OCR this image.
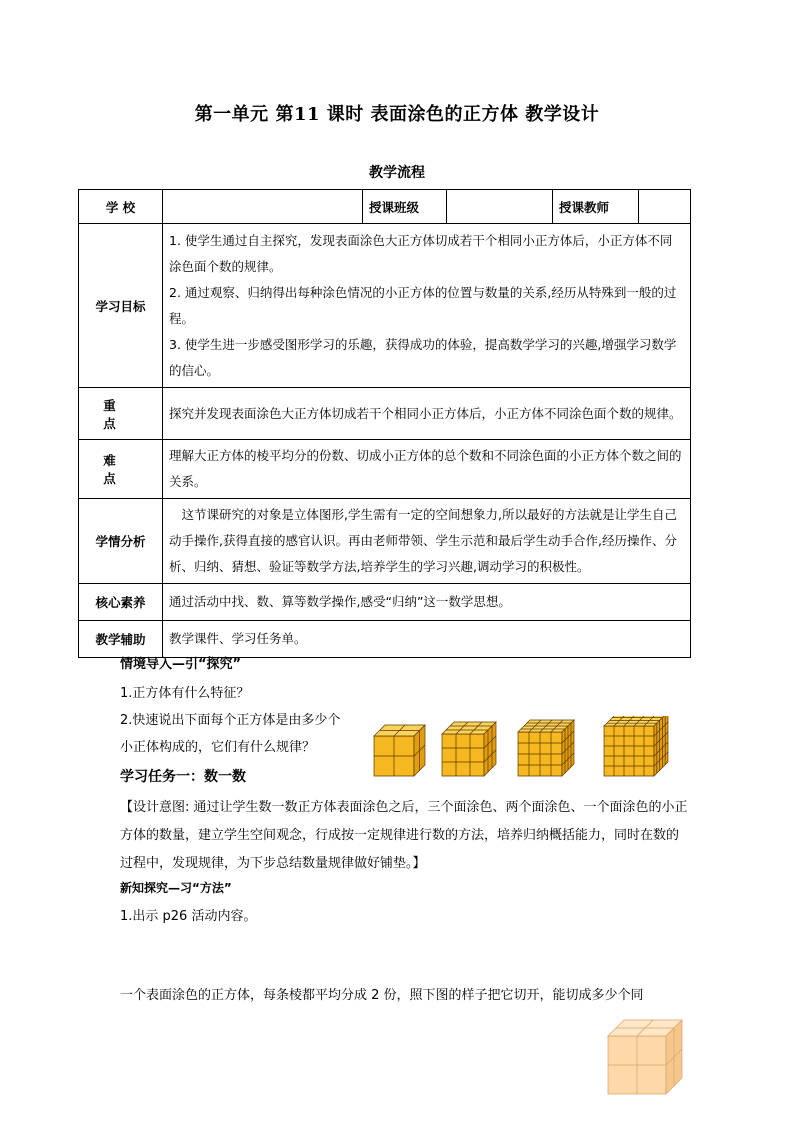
第一单元 第11 课时 表面涂色的正方体 教学设计
教学流程
学 校		授课班级		授课教师	
学习目标	1. 使学生通过自主探究，发现表面涂色大正方体切成若干个相同小正方体后，小正方体不同涂色面个数的规律。

2. 通过观察、归纳得出每种涂色情况的小正方体的位置与数量的关系,经历从特殊到一般的过程。

3. 使学生进一步感受图形学习的乐趣，获得成功的体验，提高数学学习的兴趣,增强学习数学的信心。				

重 点	探究并发现表面涂色大正方体切成若干个相同小正方体后，小正方体不同涂色面个数的规律。				
难 点	理解大正方体的棱平均分的份数、切成小正方体的总个数和不同涂色面的小正方体个数之间的关系。				
学情分析	这节课研究的对象是立体图形,学生需有一定的空间想象力,所以最好的方法就是让学生自己动手操作,获得直接的感官认识。再由老师带领、学生示范和最后学生动手合作,经历操作、分析、归纳、猜想、验证等数学方法,培养学生的学习兴趣,调动学习的积极性。				
核心素养	通过活动中找、数、算等数学操作,感受“归纳”这一数学思想。				
教学辅助	教学课件、学习任务单。				
情境导入—引“探究”
1.正方体有什么特征？
2.快速说出下面每个正方体是由多少个
小正体构成的，它们有什么规律？
学习任务一：数一数
【设计意图: 通过让学生数一数正方体表面涂色之后，三个面涂色、两个面涂色、一个面涂色的小正方体的数量，建立学生空间观念，行成按一定规律进行数的方法，培养归纳概括能力，同时在数的过程中，发现规律，为下步总结数量规律做好铺垫。】
新知探究—习“方法”
1.出示 p26 活动内容。
一个表面涂色的正方体，每条棱都平均分成 2 份，照下图的样子把它切开，能切成多少个同
